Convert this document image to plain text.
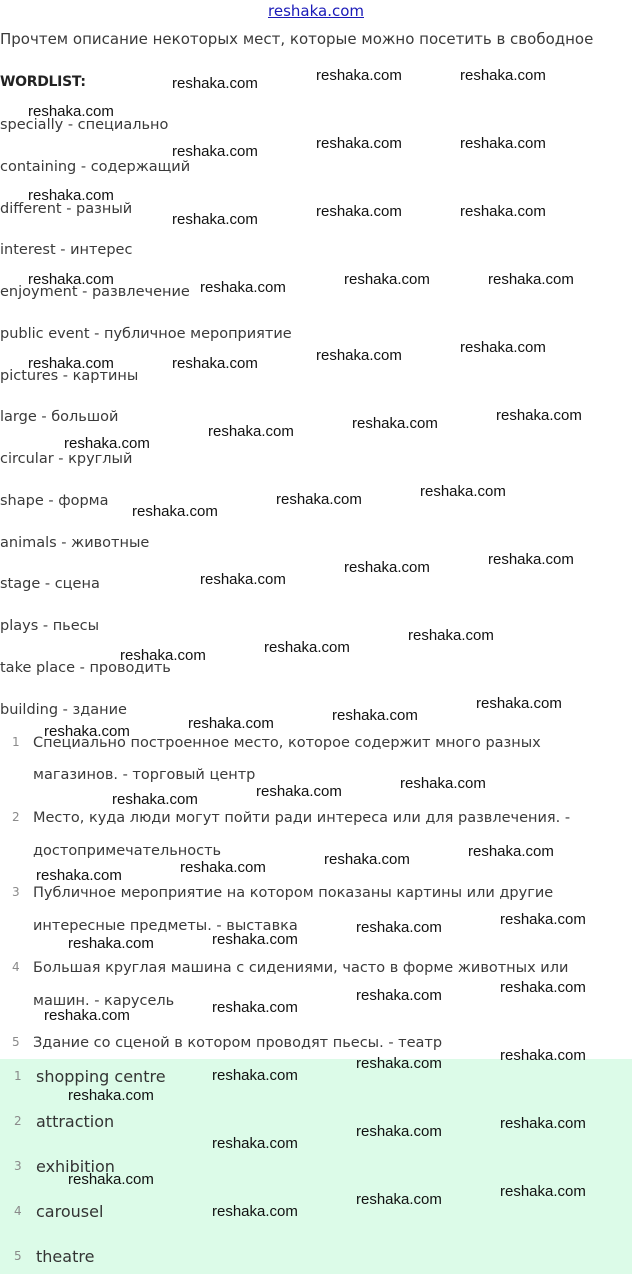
reshaka.com
Прочтем описание некоторых мест, которые можно посетить в свободное
WORDLIST:
specially - специально
containing - содержащий
different - разный
interest - интерес
enjoyment - развлечение
public event - публичное мероприятие
pictures - картины
large - большой
circular - круглый
shape - форма
animals - животные
stage - сцена
plays - пьесы
take place - проводить
building - здание
1 Специально построенное место, которое содержит много разных
магазинов. - торговый центр
2 Место, куда люди могут пойти ради интереса или для развлечения. -
достопримечательность
3 Публичное мероприятие на котором показаны картины или другие
интересные предметы. - выставка
4 Большая круглая машина с сидениями, часто в форме животных или
машин. - карусель
5 Здание со сценой в котором проводят пьесы. - театр
1 shopping centre
2 attraction
3 exhibition
4 carousel
5 theatre
reshaka.com	reshaka.com	reshaka.com
reshaka.com
reshaka.com	reshaka.com	reshaka.com
reshaka.com
reshaka.com	reshaka.com	reshaka.com
reshaka.com	reshaka.com	reshaka.com	reshaka.com
reshaka.com	reshaka.com	reshaka.com	reshaka.com
reshaka.com
reshaka.com
reshaka.com
reshaka.com
reshaka.com
reshaka.com
reshaka.com
reshaka.com
reshaka.com
reshaka.com
reshaka.com
reshaka.com
reshaka.com
reshaka.com
reshaka.com
reshaka.com
reshaka.com
reshaka.com
reshaka.com
reshaka.com
reshaka.com
reshaka.com
reshaka.com
reshaka.com
reshaka.com
reshaka.com
reshaka.com
reshaka.com
reshaka.com
reshaka.com
reshaka.com
reshaka.com
reshaka.com
reshaka.com
reshaka.com
reshaka.com
reshaka.com
reshaka.com
reshaka.com
reshaka.com
reshaka.com
reshaka.com
reshaka.com
